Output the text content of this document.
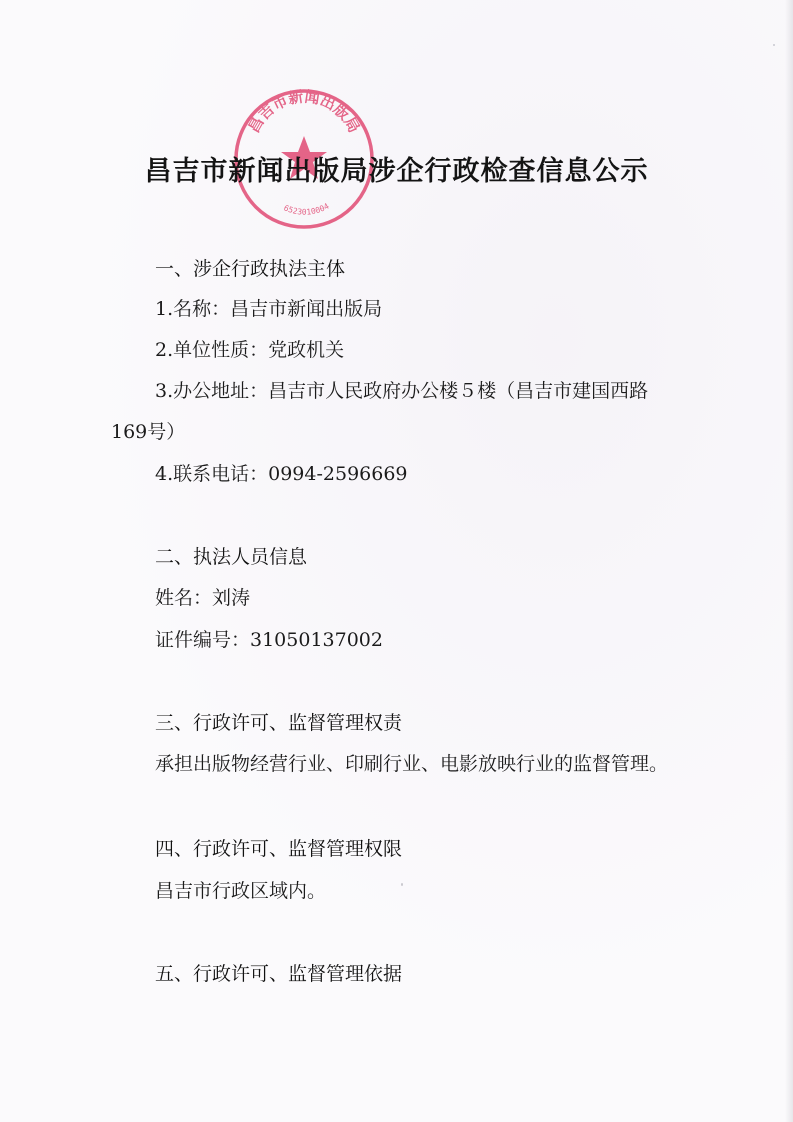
昌吉市新闻出版局
6523010004
昌吉市新闻出版局涉企行政检查信息公示

一、涉企行政执法主体

1.名称：昌吉市新闻出版局

2.单位性质：党政机关

3.办公地址：昌吉市人民政府办公楼５楼（昌吉市建国西路

169号）

4.联系电话：0994-2596669

二、执法人员信息

姓名：刘涛

证件编号：31050137002

三、行政许可、监督管理权责

承担出版物经营行业、印刷行业、电影放映行业的监督管理。

四、行政许可、监督管理权限

昌吉市行政区域内。

五、行政许可、监督管理依据
